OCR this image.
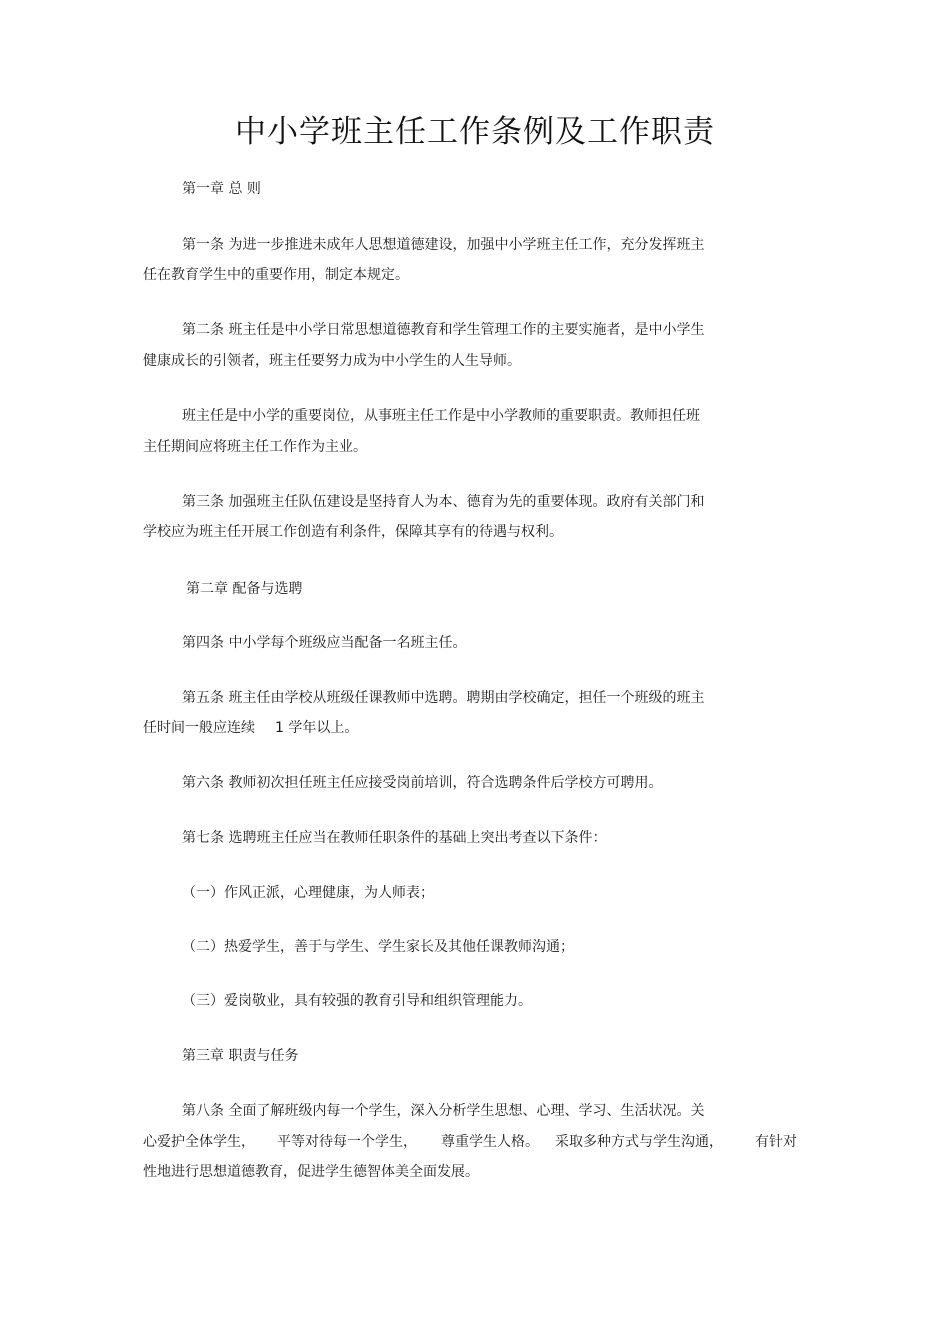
中小学班主任工作条例及工作职责
第一章 总 则
第一条 为进一步推进未成年人思想道德建设，加强中小学班主任工作，充分发挥班主
任在教育学生中的重要作用，制定本规定。
第二条 班主任是中小学日常思想道德教育和学生管理工作的主要实施者，是中小学生
健康成长的引领者，班主任要努力成为中小学生的人生导师。
班主任是中小学的重要岗位，从事班主任工作是中小学教师的重要职责。教师担任班
主任期间应将班主任工作作为主业。
第三条 加强班主任队伍建设是坚持育人为本、德育为先的重要体现。政府有关部门和
学校应为班主任开展工作创造有利条件，保障其享有的待遇与权利。
第二章 配备与选聘
第四条 中小学每个班级应当配备一名班主任。
第五条 班主任由学校从班级任课教师中选聘。聘期由学校确定，担任一个班级的班主
任时间一般应连续 1 学年以上。
第六条 教师初次担任班主任应接受岗前培训，符合选聘条件后学校方可聘用。
第七条 选聘班主任应当在教师任职条件的基础上突出考查以下条件：
（一）作风正派，心理健康，为人师表；
（二）热爱学生，善于与学生、学生家长及其他任课教师沟通；
（三）爱岗敬业，具有较强的教育引导和组织管理能力。
第三章 职责与任务
第八条 全面了解班级内每一个学生，深入分析学生思想、心理、学习、生活状况。关
心爱护全体学生， 平等对待每一个学生， 尊重学生人格。 采取多种方式与学生沟通， 有针对
性地进行思想道德教育，促进学生德智体美全面发展。
